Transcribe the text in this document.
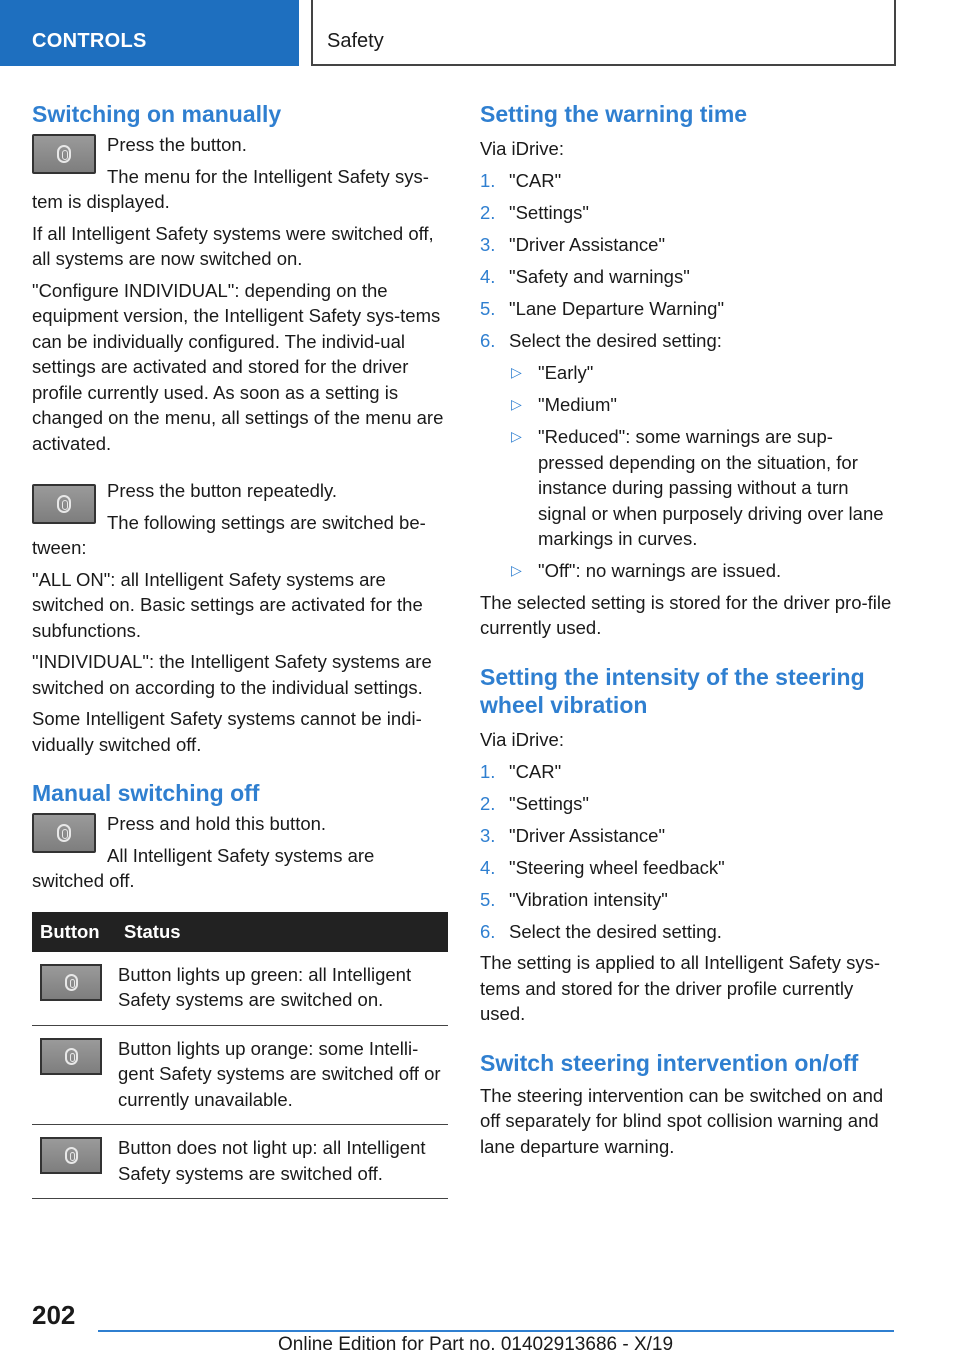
CONTROLS	Safety
Switching on manually

Press the button.

The menu for the Intelligent Safety sys-tem is displayed.

If all Intelligent Safety systems were switched off, all systems are now switched on.

"Configure INDIVIDUAL": depending on the equipment version, the Intelligent Safety sys-tems can be individually configured. The individ-ual settings are activated and stored for the driver profile currently used. As soon as a setting is changed on the menu, all settings of the menu are activated.

Press the button repeatedly.

The following settings are switched be-tween:

"ALL ON": all Intelligent Safety systems are switched on. Basic settings are activated for the subfunctions.

"INDIVIDUAL": the Intelligent Safety systems are switched on according to the individual settings.

Some Intelligent Safety systems cannot be indi-vidually switched off.

Manual switching off

Press and hold this button.

All Intelligent Safety systems are switched off.

Button	Status

	Button lights up green: all Intelligent Safety systems are switched on.

	Button lights up orange: some Intelli-gent Safety systems are switched off or currently unavailable.

	Button does not light up: all Intelligent Safety systems are switched off.
Setting the warning time

Via iDrive:

1. "CAR"
2. "Settings"
3. "Driver Assistance"
4. "Safety and warnings"
5. "Lane Departure Warning"
6. Select the desired setting:
▷ "Early"
▷ "Medium"
▷ "Reduced": some warnings are sup-pressed depending on the situation, for instance during passing without a turn signal or when purposely driving over lane markings in curves.
▷ "Off": no warnings are issued.

The selected setting is stored for the driver pro-file currently used.

Setting the intensity of the steering wheel vibration

Via iDrive:

1. "CAR"
2. "Settings"
3. "Driver Assistance"
4. "Steering wheel feedback"
5. "Vibration intensity"
6. Select the desired setting.

The setting is applied to all Intelligent Safety sys-tems and stored for the driver profile currently used.

Switch steering intervention on/off

The steering intervention can be switched on and off separately for blind spot collision warning and lane departure warning.

202
Online Edition for Part no. 01402913686 - X/19
